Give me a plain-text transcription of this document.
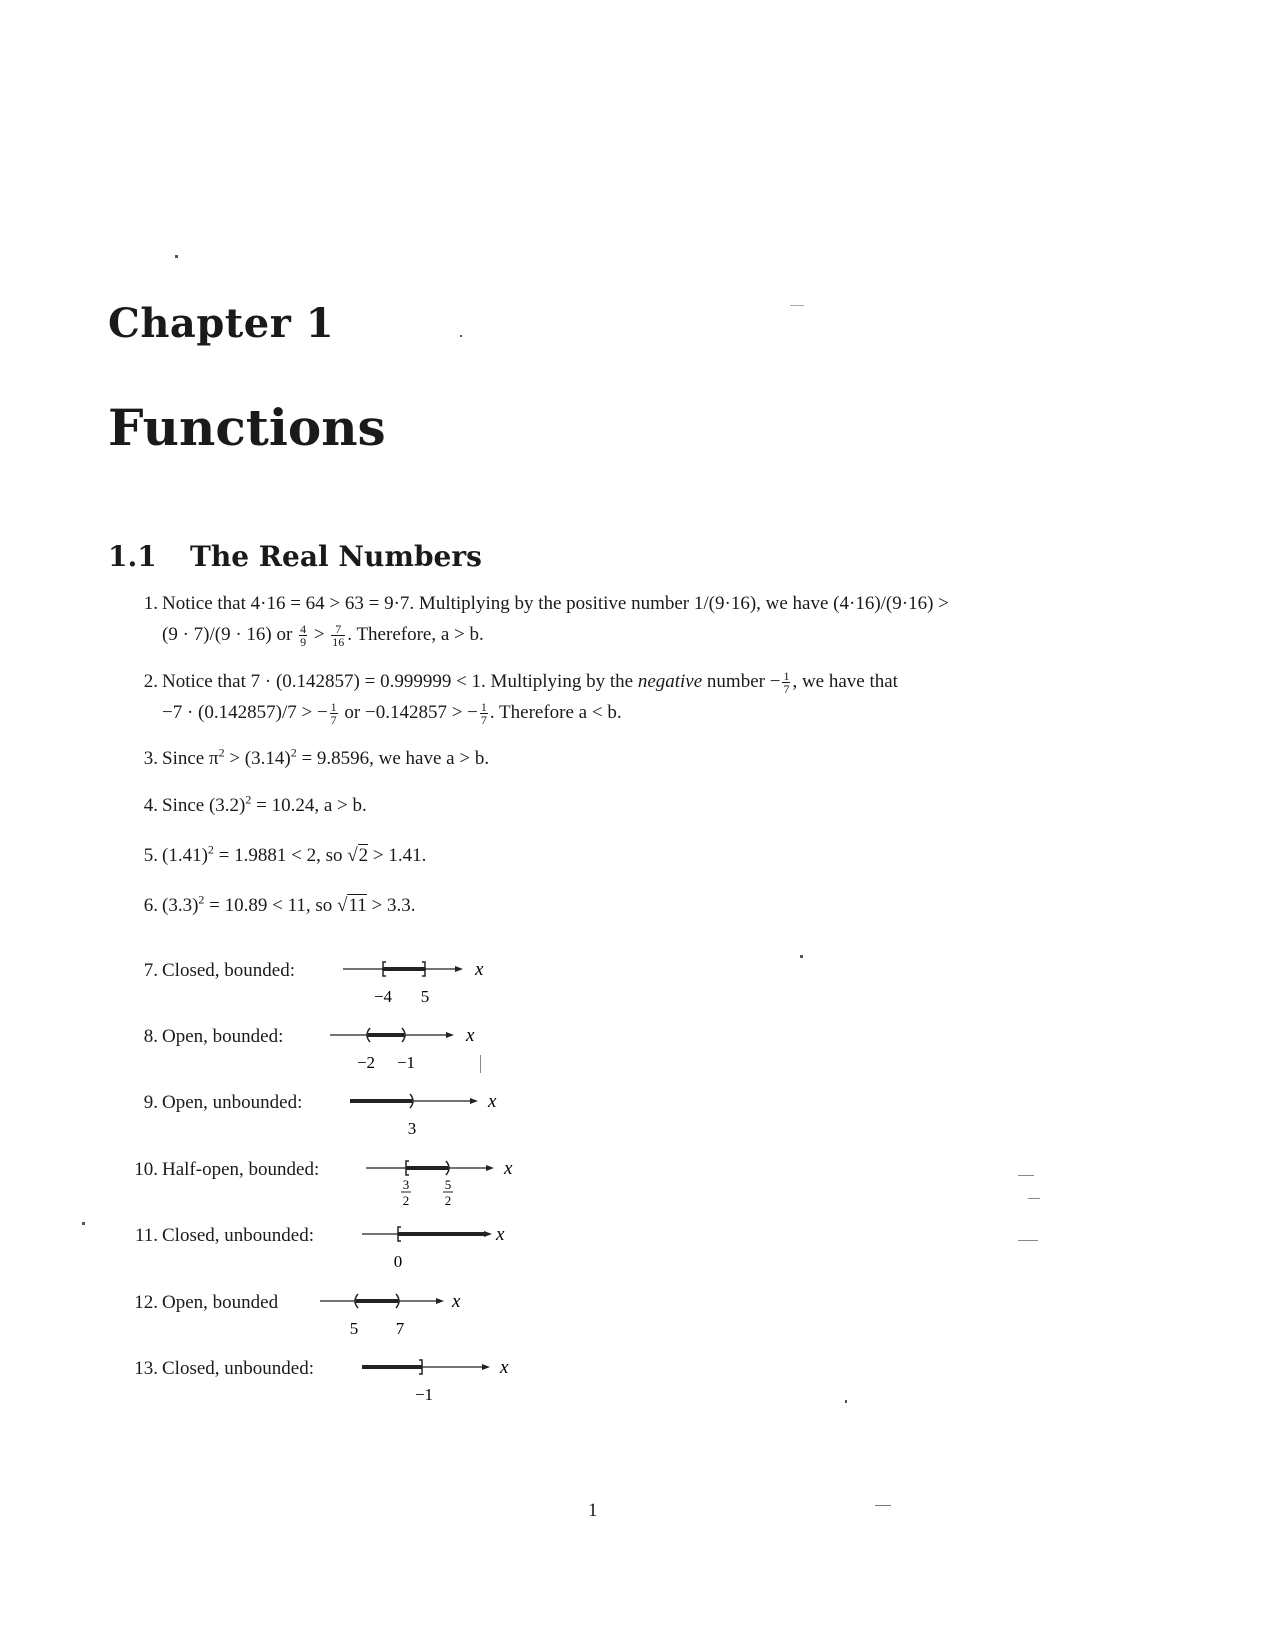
Chapter 1
Functions
1.1 The Real Numbers
1. Notice that 4·16 = 64 > 63 = 9·7. Multiplying by the positive number 1/(9·16), we have (4·16)/(9·16) >
(9 · 7)/(9 · 16) or $\frac{4}{9} > \frac{7}{16}$ . Therefore, a > b.
2. Notice that 7 · (0.142857) = 0.999999 < 1. Multiplying by the negative number − $\frac{1}{7}$ , we have that
−7 · (0.142857)/7 > − $\frac{1}{7}$ or −0.142857 > − $\frac{1}{7}$ . Therefore a < b.
3. Since $\pi^2 > (3.14)^2 = 9.8596$, we have a > b.
4. Since $(3.2)^2 = 10.24$, a > b.
5. $(1.41)^2 = 1.9881 < 2$, so √2 > 1.41.
6. $(3.3)^2 = 10.89 < 11$, so √11 > 3.3.
7. Closed, bounded:
8. Open, bounded:
9. Open, unbounded:
10. Half-open, bounded:
11. Closed, unbounded:
12. Open, bounded
13. Closed, unbounded:
x
−4 5
x
−2 −1
x
3
x
3
2
5
2
x
0
x
5 7
x
−1
1
